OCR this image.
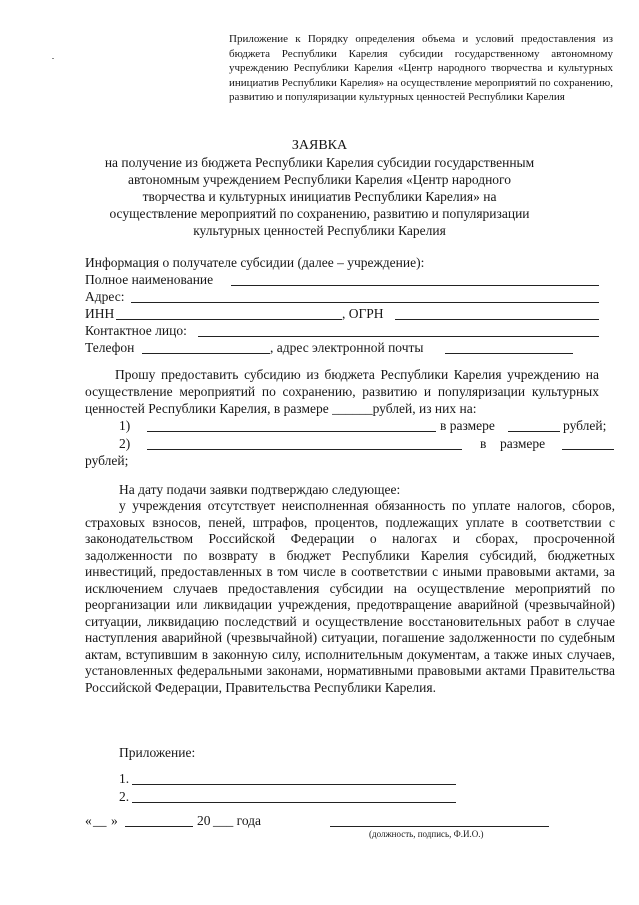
Приложение к Порядку определения объема и условий предоставления из бюджета Республики Карелия субсидии государственному автономному учреждению Республики Карелия «Центр народного творчества и культурных инициатив Республики Карелия» на осуществление мероприятий по сохранению, развитию и популяризации культурных ценностей Республики Карелия
ЗАЯВКА
на получение из бюджета Республики Карелия субсидии государственным автономным учреждением Республики Карелия «Центр народного творчества и культурных инициатив Республики Карелия» на осуществление мероприятий по сохранению, развитию и популяризации культурных ценностей Республики Карелия
Информация о получателе субсидии (далее – учреждение):
Полное наименование
Адрес:
ИНН	, ОГРН
Контактное лицо:
Телефон	, адрес электронной почты
Прошу предоставить субсидию из бюджета Республики Карелия учреждению на осуществление мероприятий по сохранению, развитию и популяризации культурных ценностей Республики Карелия, в размере ______рублей, из них на:
1)	в размере	рублей;
2)	в размере
рублей;
На дату подачи заявки подтверждаю следующее:
у учреждения отсутствует неисполненная обязанность по уплате налогов, сборов, страховых взносов, пеней, штрафов, процентов, подлежащих уплате в соответствии с законодательством Российской Федерации о налогах и сборах, просроченной задолженности по возврату в бюджет Республики Карелия субсидий, бюджетных инвестиций, предоставленных в том числе в соответствии с иными правовыми актами, за исключением случаев предоставления субсидии на осуществление мероприятий по реорганизации или ликвидации учреждения, предотвращение аварийной (чрезвычайной) ситуации, ликвидацию последствий и осуществление восстановительных работ в случае наступления аварийной (чрезвычайной) ситуации, погашение задолженности по судебным актам, вступившим в законную силу, исполнительным документам, а также иных случаев, установленных федеральными законами, нормативными правовыми актами Правительства Российской Федерации, Правительства Республики Карелия.
Приложение:
1.
2.
« __ »	20 ___ года
(должность, подпись, Ф.И.О.)
